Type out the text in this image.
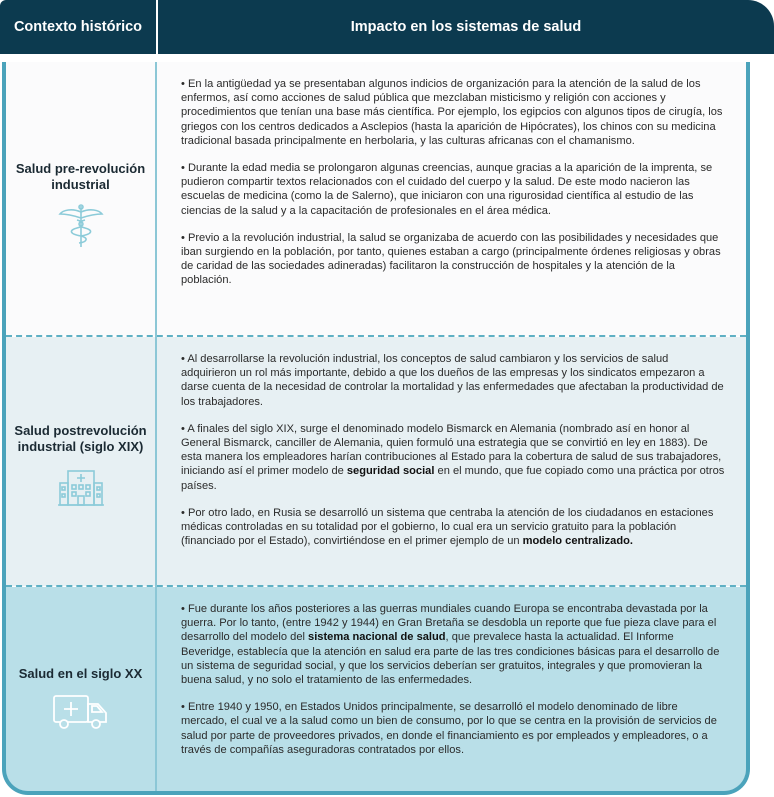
Contexto histórico	Impacto en los sistemas de salud
Salud pre-revolución industrial
Salud postrevolución industrial (siglo XIX)
Salud en el siglo XX

• En la antigüedad ya se presentaban algunos indicios de organización para la atención de la salud de los enfermos, así como acciones de salud pública que mezclaban misticismo y religión con acciones y procedimientos que tenían una base más científica. Por ejemplo, los egipcios con algunos tipos de cirugía, los griegos con los centros dedicados a Asclepios (hasta la aparición de Hipócrates), los chinos con su medicina tradicional basada principalmente en herbolaria, y las culturas africanas con el chamanismo.

• Durante la edad media se prolongaron algunas creencias, aunque gracias a la aparición de la imprenta, se pudieron compartir textos relacionados con el cuidado del cuerpo y la salud. De este modo nacieron las escuelas de medicina (como la de Salerno), que iniciaron con una rigurosidad científica al estudio de las ciencias de la salud y a la capacitación de profesionales en el área médica.

• Previo a la revolución industrial, la salud se organizaba de acuerdo con las posibilidades y necesidades que iban surgiendo en la población, por tanto, quienes estaban a cargo (principalmente órdenes religiosas y obras de caridad de las sociedades adineradas) facilitaron la construcción de hospitales y la atención de la población.

• Al desarrollarse la revolución industrial, los conceptos de salud cambiaron y los servicios de salud adquirieron un rol más importante, debido a que los dueños de las empresas y los sindicatos empezaron a darse cuenta de la necesidad de controlar la mortalidad y las enfermedades que afectaban la productividad de los trabajadores.

• A finales del siglo XIX, surge el denominado modelo Bismarck en Alemania (nombrado así en honor al General Bismarck, canciller de Alemania, quien formuló una estrategia que se convirtió en ley en 1883). De esta manera los empleadores harían contribuciones al Estado para la cobertura de salud de sus trabajadores, iniciando así el primer modelo de seguridad social en el mundo, que fue copiado como una práctica por otros países.

• Por otro lado, en Rusia se desarrolló un sistema que centraba la atención de los ciudadanos en estaciones médicas controladas en su totalidad por el gobierno, lo cual era un servicio gratuito para la población (financiado por el Estado), convirtiéndose en el primer ejemplo de un modelo centralizado.

• Fue durante los años posteriores a las guerras mundiales cuando Europa se encontraba devastada por la guerra. Por lo tanto, (entre 1942 y 1944) en Gran Bretaña se desdobla un reporte que fue pieza clave para el desarrollo del modelo del sistema nacional de salud, que prevalece hasta la actualidad. El Informe Beveridge, establecía que la atención en salud era parte de las tres condiciones básicas para el desarrollo de un sistema de seguridad social, y que los servicios deberían ser gratuitos, integrales y que promovieran la buena salud, y no solo el tratamiento de las enfermedades.

• Entre 1940 y 1950, en Estados Unidos principalmente, se desarrolló el modelo denominado de libre mercado, el cual ve a la salud como un bien de consumo, por lo que se centra en la provisión de servicios de salud por parte de proveedores privados, en donde el financiamiento es por empleados y empleadores, o a través de compañías aseguradoras contratados por ellos.
